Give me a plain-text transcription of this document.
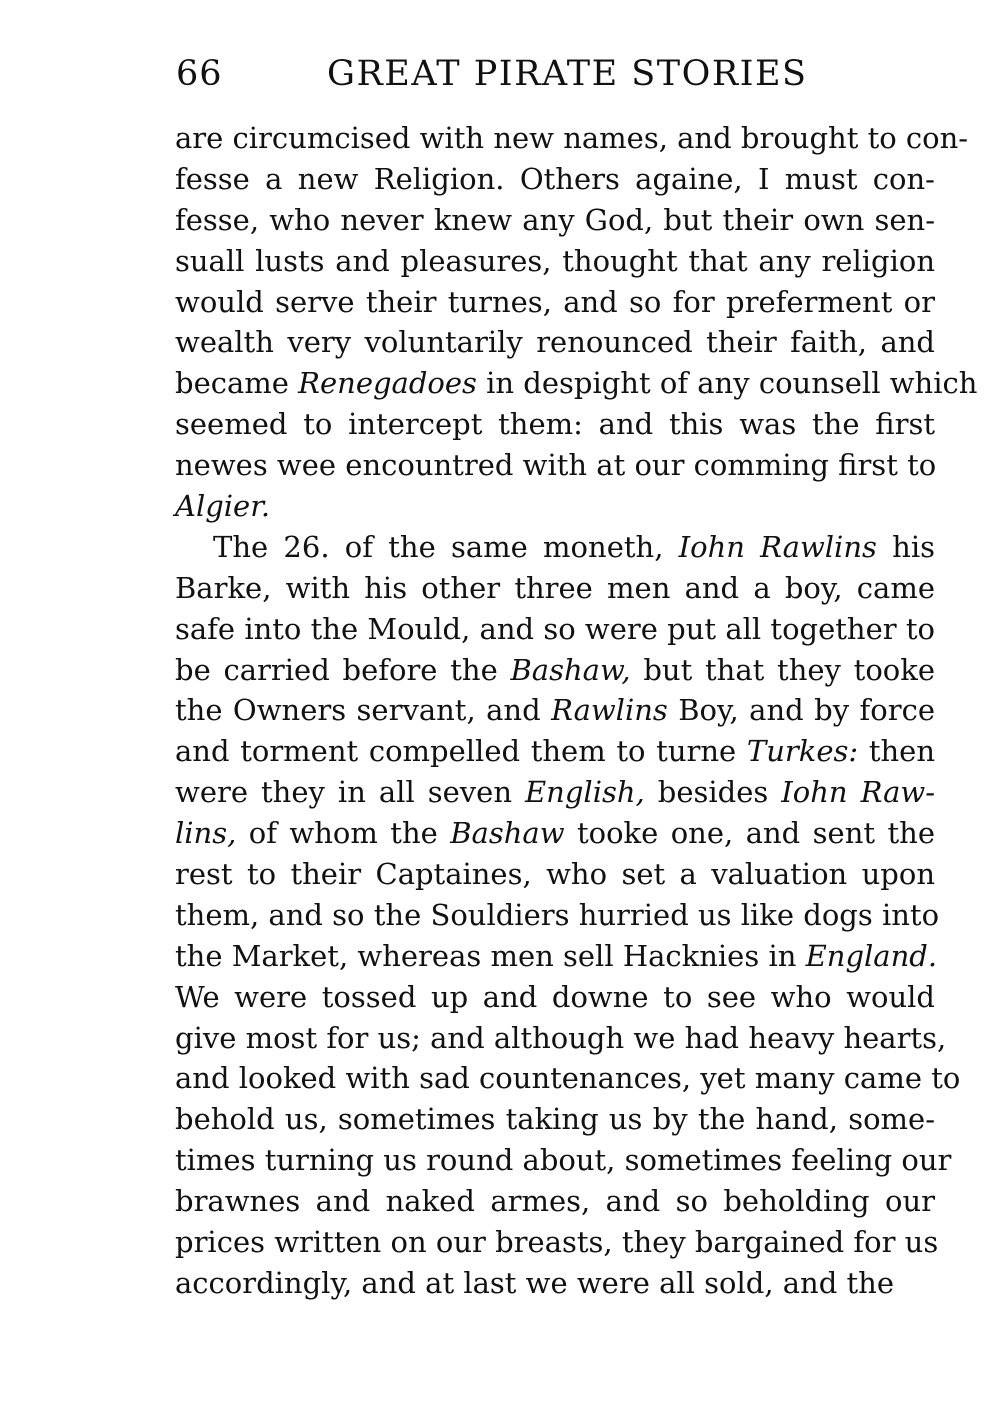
66	GREAT PIRATE STORIES
are circumcised with new names, and brought to con-
fesse a new Religion. Others againe, I must con-
fesse, who never knew any God, but their own sen-
suall lusts and pleasures, thought that any religion
would serve their turnes, and so for preferment or
wealth very voluntarily renounced their faith, and
became Renegadoes in despight of any counsell which
seemed to intercept them: and this was the first
newes wee encountred with at our comming first to
Algier.
The 26. of the same moneth, Iohn Rawlins his
Barke, with his other three men and a boy, came
safe into the Mould, and so were put all together to
be carried before the Bashaw, but that they tooke
the Owners servant, and Rawlins Boy, and by force
and torment compelled them to turne Turkes: then
were they in all seven English, besides Iohn Raw-
lins, of whom the Bashaw tooke one, and sent the
rest to their Captaines, who set a valuation upon
them, and so the Souldiers hurried us like dogs into
the Market, whereas men sell Hacknies in England.
We were tossed up and downe to see who would
give most for us; and although we had heavy hearts,
and looked with sad countenances, yet many came to
behold us, sometimes taking us by the hand, some-
times turning us round about, sometimes feeling our
brawnes and naked armes, and so beholding our
prices written on our breasts, they bargained for us
accordingly, and at last we were all sold, and the
